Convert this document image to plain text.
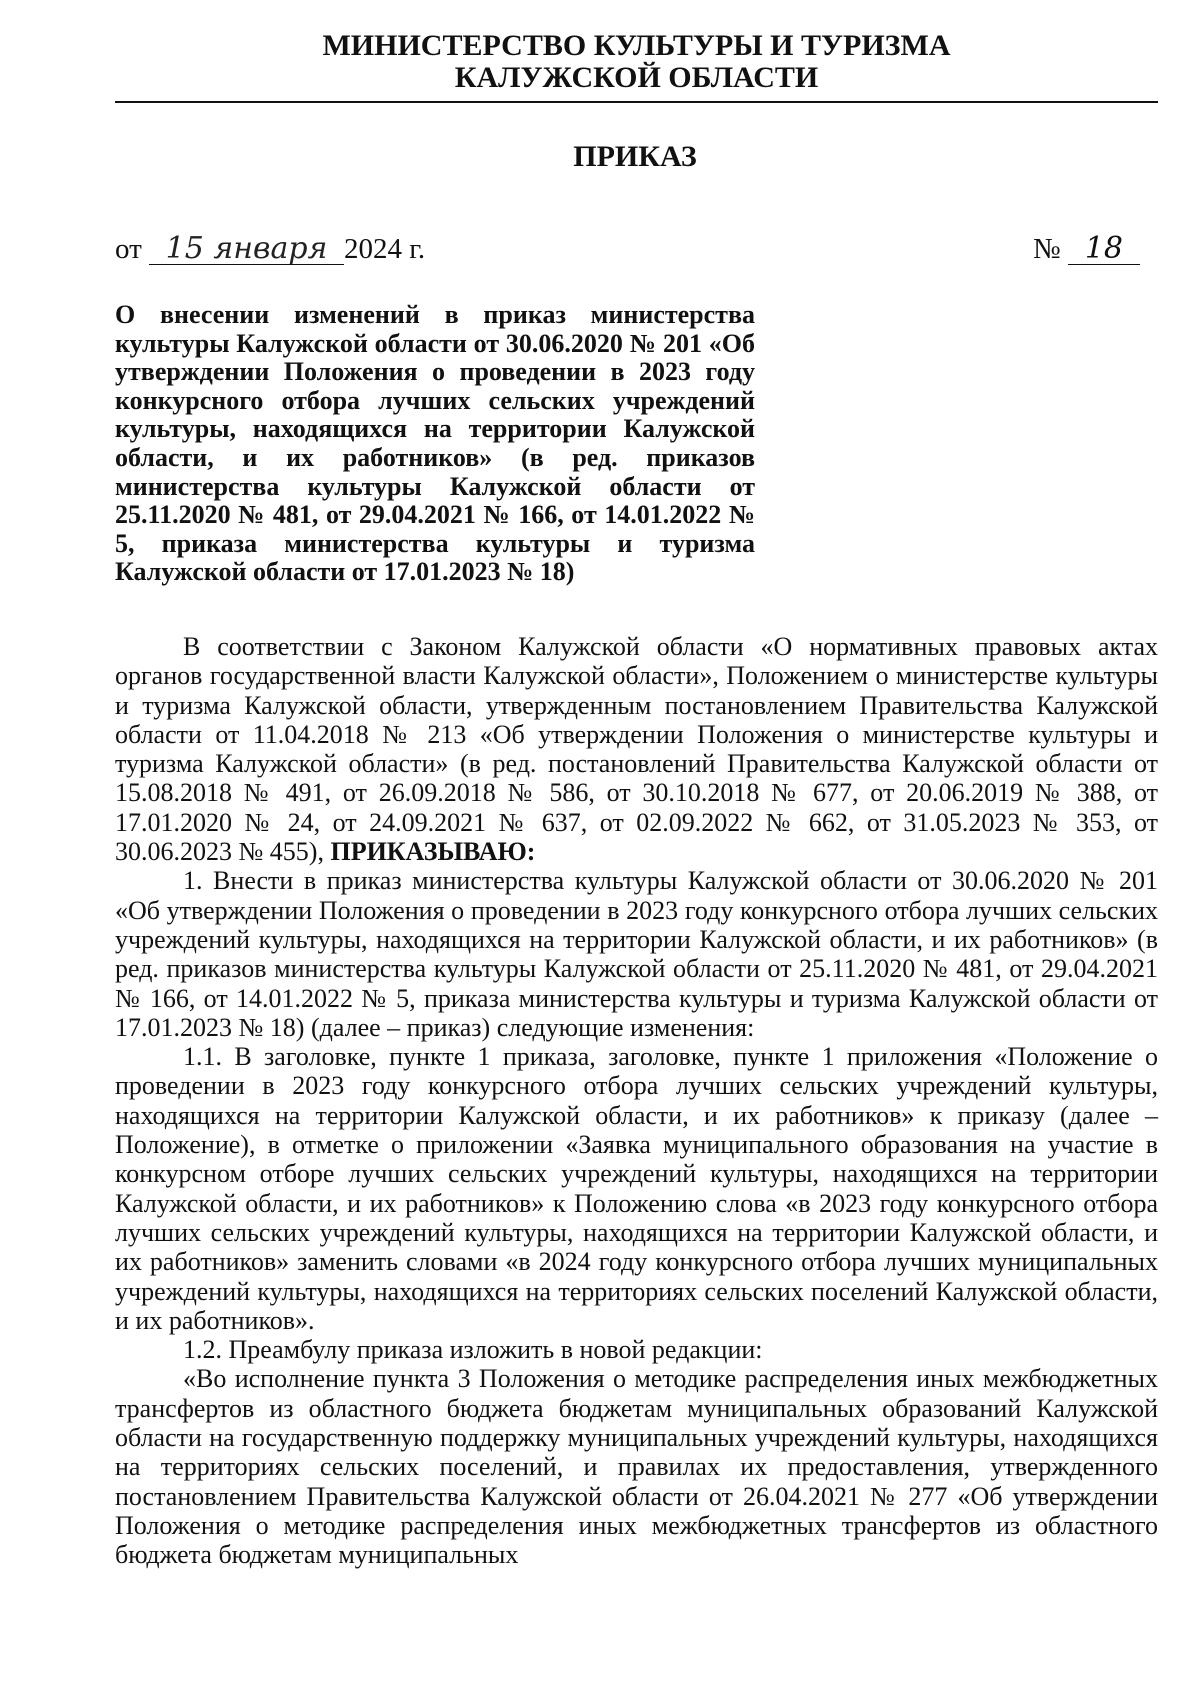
МИНИСТЕРСТВО КУЛЬТУРЫ И ТУРИЗМА
КАЛУЖСКОЙ ОБЛАСТИ
ПРИКАЗ
от 15 января 2024 г.	№ 18

О внесении изменений в приказ министерства культуры Калужской области от 30.06.2020 № 201 «Об утверждении Положения о проведении в 2023 году конкурсного отбора лучших сельских учреждений культуры, находящихся на территории Калужской области, и их работников» (в ред. приказов министерства культуры Калужской области от 25.11.2020 № 481, от 29.04.2021 № 166, от 14.01.2022 № 5, приказа министерства культуры и туризма Калужской области от 17.01.2023 № 18)

В соответствии с Законом Калужской области «О нормативных правовых актах органов государственной власти Калужской области», Положением о министерстве культуры и туризма Калужской области, утвержденным постановлением Правительства Калужской области от 11.04.2018 № 213 «Об утверждении Положения о министерстве культуры и туризма Калужской области» (в ред. постановлений Правительства Калужской области от 15.08.2018 № 491, от 26.09.2018 № 586, от 30.10.2018 № 677, от 20.06.2019 № 388, от 17.01.2020 № 24, от 24.09.2021 № 637, от 02.09.2022 № 662, от 31.05.2023 № 353, от 30.06.2023 № 455), ПРИКАЗЫВАЮ:

1. Внести в приказ министерства культуры Калужской области от 30.06.2020 № 201 «Об утверждении Положения о проведении в 2023 году конкурсного отбора лучших сельских учреждений культуры, находящихся на территории Калужской области, и их работников» (в ред. приказов министерства культуры Калужской области от 25.11.2020 № 481, от 29.04.2021 № 166, от 14.01.2022 № 5, приказа министерства культуры и туризма Калужской области от 17.01.2023 № 18) (далее – приказ) следующие изменения:

1.1. В заголовке, пункте 1 приказа, заголовке, пункте 1 приложения «Положение о проведении в 2023 году конкурсного отбора лучших сельских учреждений культуры, находящихся на территории Калужской области, и их работников» к приказу (далее – Положение), в отметке о приложении «Заявка муниципального образования на участие в конкурсном отборе лучших сельских учреждений культуры, находящихся на территории Калужской области, и их работников» к Положению слова «в 2023 году конкурсного отбора лучших сельских учреждений культуры, находящихся на территории Калужской области, и их работников» заменить словами «в 2024 году конкурсного отбора лучших муниципальных учреждений культуры, находящихся на территориях сельских поселений Калужской области, и их работников».

1.2. Преамбулу приказа изложить в новой редакции:

«Во исполнение пункта 3 Положения о методике распределения иных межбюджетных трансфертов из областного бюджета бюджетам муниципальных образований Калужской области на государственную поддержку муниципальных учреждений культуры, находящихся на территориях сельских поселений, и правилах их предоставления, утвержденного постановлением Правительства Калужской области от 26.04.2021 № 277 «Об утверждении Положения о методике распределения иных межбюджетных трансфертов из областного бюджета бюджетам муниципальных
